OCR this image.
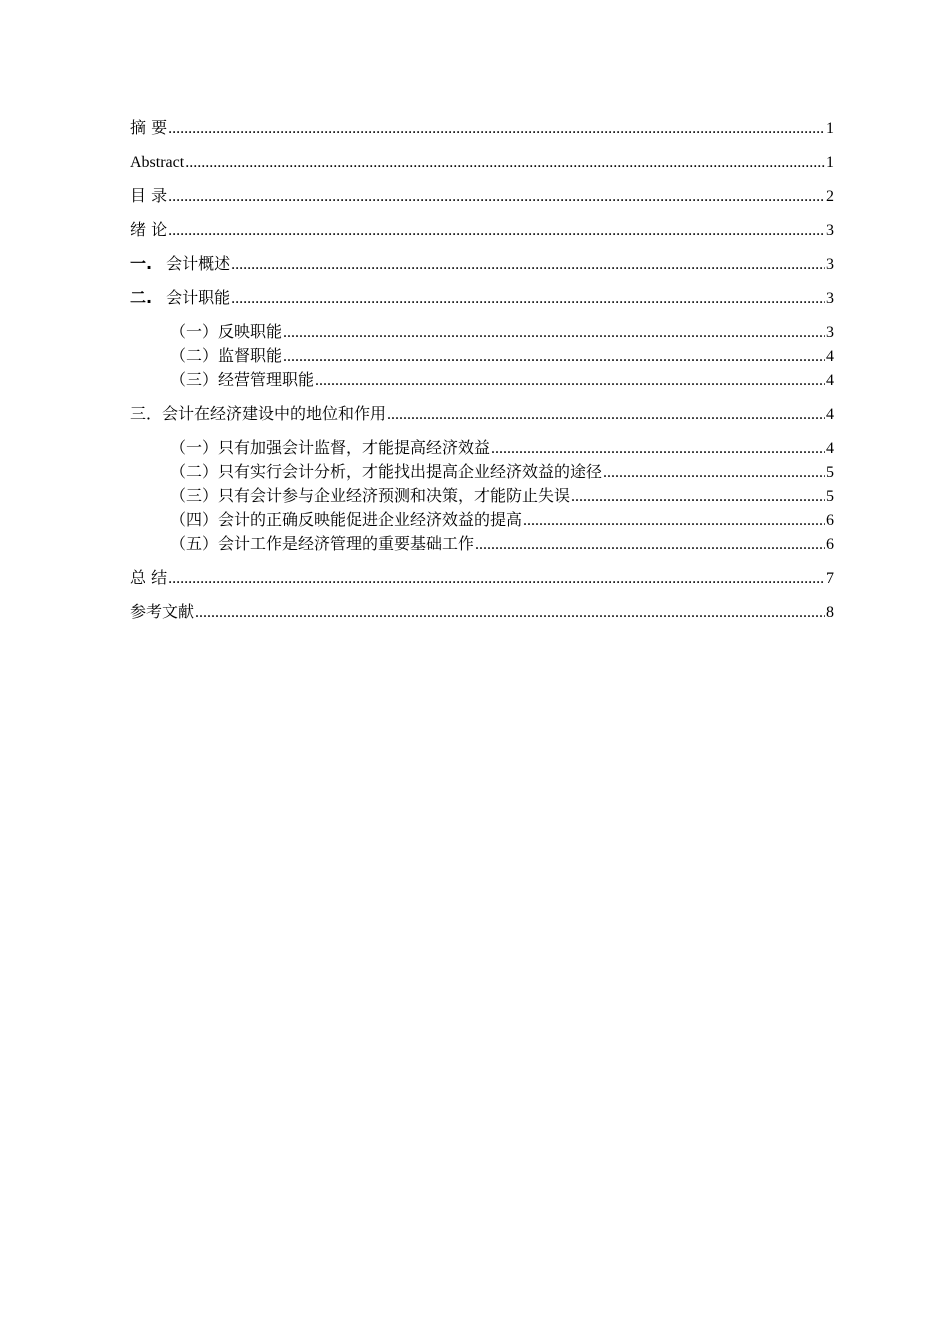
摘 要 .....	1
Abstract .....	1
目 录 .....	2
绪 论 .....	3
一. 会计概述 .....	3
二. 会计职能 .....	3
（一）反映职能 .....	3
（二）监督职能 .....	4
（三）经营管理职能 .....	4
三．会计在经济建设中的地位和作用 .....	4
（一）只有加强会计监督，才能提高经济效益 .....	4
（二）只有实行会计分析，才能找出提高企业经济效益的途径 .....	5
（三）只有会计参与企业经济预测和决策，才能防止失误 .....	5
（四）会计的正确反映能促进企业经济效益的提高 .....	6
（五）会计工作是经济管理的重要基础工作 .....	6
总 结 .....	7
参考文献 .....	8
